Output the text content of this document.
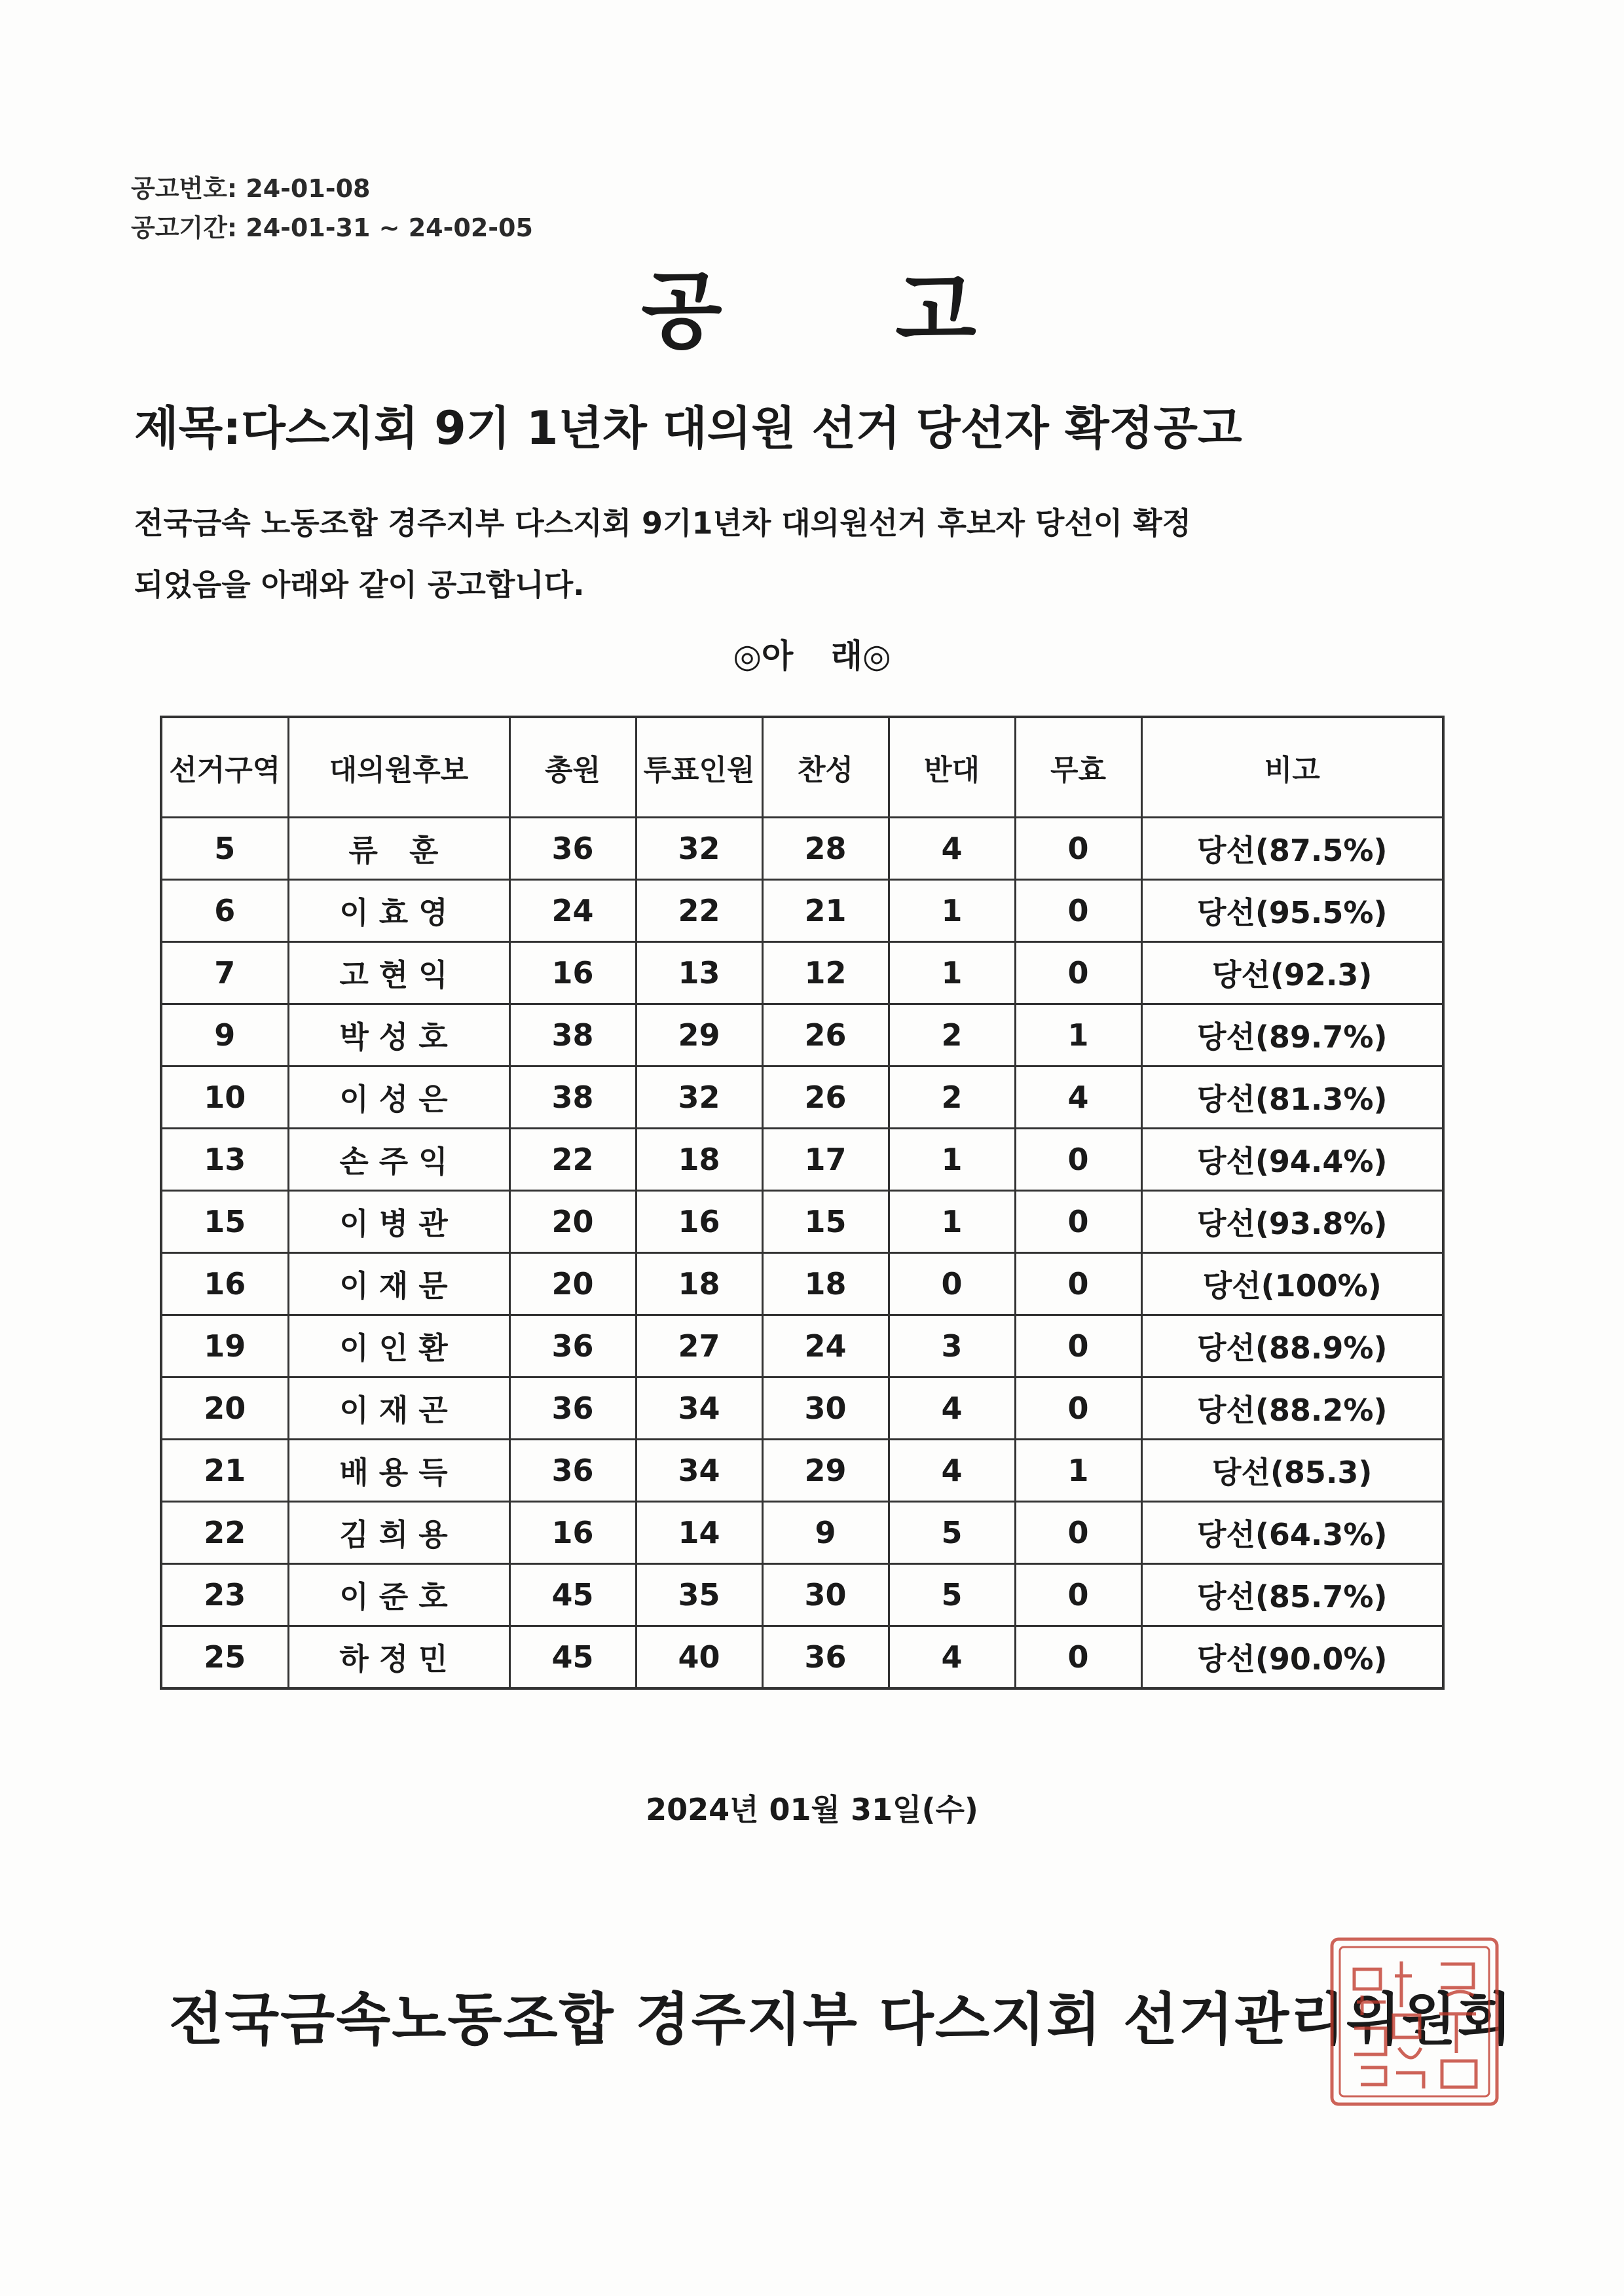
공고번호: 24-01-08
공고기간: 24-01-31 ~ 24-02-05
공 고
제목:다스지회 9기 1년차 대의원 선거 당선자 확정공고
전국금속 노동조합 경주지부 다스지회 9기1년차 대의원선거 후보자 당선이 확정
되었음을 아래와 같이 공고합니다.
◎아 래◎
선거구역	대의원후보	총원	투표인원	찬성	반대	무효	비고
5	류 훈	36	32	28	4	0	당선(87.5%)
6	이효영	24	22	21	1	0	당선(95.5%)
7	고현익	16	13	12	1	0	당선(92.3)
9	박성호	38	29	26	2	1	당선(89.7%)
10	이성은	38	32	26	2	4	당선(81.3%)
13	손주익	22	18	17	1	0	당선(94.4%)
15	이병관	20	16	15	1	0	당선(93.8%)
16	이재문	20	18	18	0	0	당선(100%)
19	이인환	36	27	24	3	0	당선(88.9%)
20	이재곤	36	34	30	4	0	당선(88.2%)
21	배용득	36	34	29	4	1	당선(85.3)
22	김희용	16	14	9	5	0	당선(64.3%)
23	이준호	45	35	30	5	0	당선(85.7%)
25	하정민	45	40	36	4	0	당선(90.0%)
2024년 01월 31일(수)
전국금속노동조합 경주지부 다스지회 선거관리위원회
